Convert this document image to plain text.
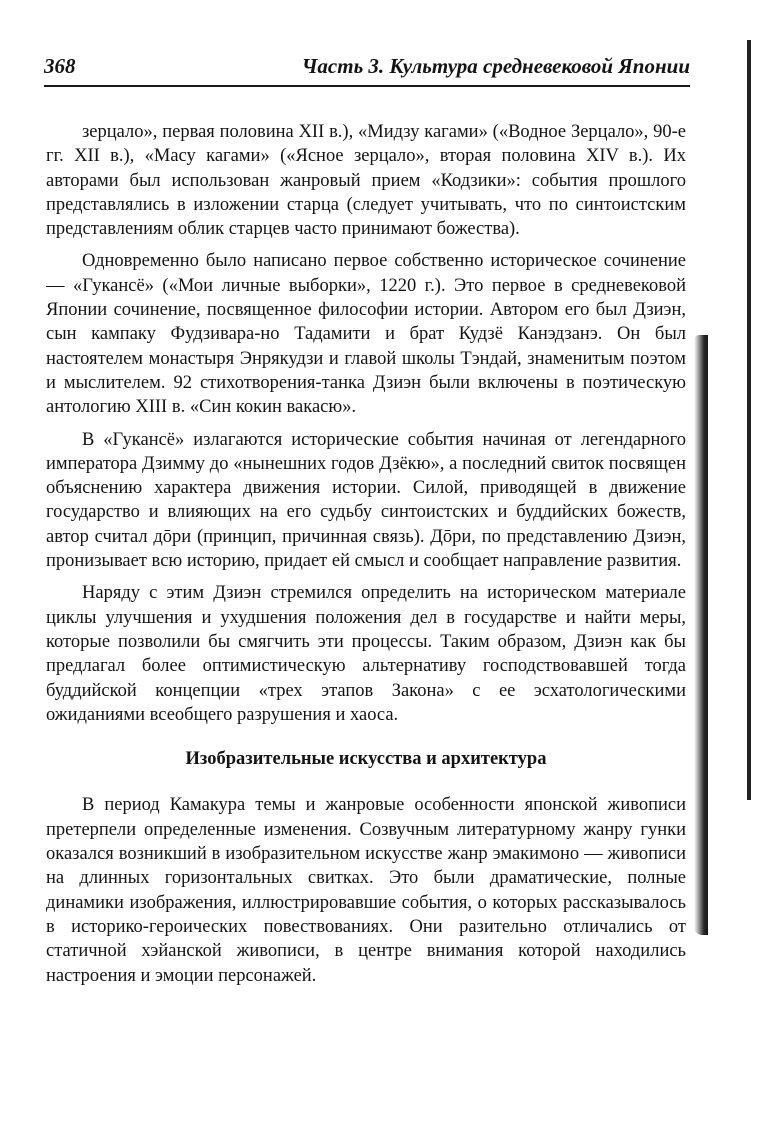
368	Часть 3. Культура средневековой Японии

зерцало», первая половина XII в.), «Мидзу кагами» («Водное Зерцало», 90-е гг. XII в.), «Масу кагами» («Ясное зерцало», вторая половина XIV в.). Их авторами был использован жанровый прием «Кодзики»: события прошлого представлялись в изложении старца (следует учитывать, что по синтоистским представлениям облик старцев часто принимают божества).

Одновременно было написано первое собственно историческое сочинение — «Гукансё» («Мои личные выборки», 1220 г.). Это первое в средневековой Японии сочинение, посвященное философии истории. Автором его был Дзиэн, сын кампаку Фудзивара-но Тадамити и брат Кудзё Канэдзанэ. Он был настоятелем монастыря Энрякудзи и главой школы Тэндай, знаменитым поэтом и мыслителем. 92 стихотворения-танка Дзиэн были включены в поэтическую антологию XIII в. «Син кокин вакасю».

В «Гукансё» излагаются исторические события начиная от легендарного императора Дзимму до «нынешних годов Дзёкю», а последний свиток посвящен объяснению характера движения истории. Силой, приводящей в движение государство и влияющих на его судьбу синтоистских и буддийских божеств, автор считал дōри (принцип, причинная связь). Дōри, по представлению Дзиэн, пронизывает всю историю, придает ей смысл и сообщает направление развития.

Наряду с этим Дзиэн стремился определить на историческом материале циклы улучшения и ухудшения положения дел в государстве и найти меры, которые позволили бы смягчить эти процессы. Таким образом, Дзиэн как бы предлагал более оптимистическую альтернативу господствовавшей тогда буддийской концепции «трех этапов Закона» с ее эсхатологическими ожиданиями всеобщего разрушения и хаоса.

Изобразительные искусства и архитектура

В период Камакура темы и жанровые особенности японской живописи претерпели определенные изменения. Созвучным литературному жанру гунки оказался возникший в изобразительном искусстве жанр эмакимоно — живописи на длинных горизонтальных свитках. Это были драматические, полные динамики изображения, иллюстрировавшие события, о которых рассказывалось в историко-героических повествованиях. Они разительно отличались от статичной хэйанской живописи, в центре внимания которой находились настроения и эмоции персонажей.
